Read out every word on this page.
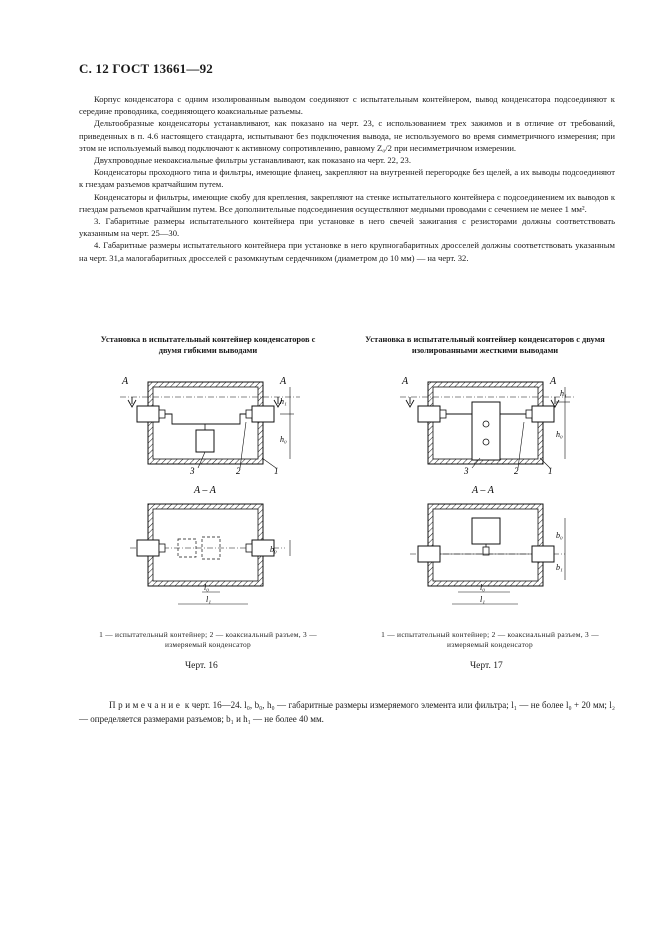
С. 12 ГОСТ 13661—92

Корпус конденсатора с одним изолированным выводом соединяют с испытательным контейнером, вывод конденсатора подсоединяют к середине проводника, соединяющего коаксиальные разъемы.

Дельтообразные конденсаторы устанавливают, как показано на черт. 23, с использованием трех зажимов и в отличие от требований, приведенных в п. 4.6 настоящего стандарта, испытывают без подключения вывода, не используемого во время симметричного измерения; при этом не используемый вывод подключают к активному сопротивлению, равному Z₀/2 при несимметричном измерении.

Двухпроводные некоаксиальные фильтры устанавливают, как показано на черт. 22, 23.

Конденсаторы проходного типа и фильтры, имеющие фланец, закрепляют на внутренней перегородке без щелей, а их выводы подсоединяют к гнездам разъемов кратчайшим путем.

Конденсаторы и фильтры, имеющие скобу для крепления, закрепляют на стенке испытательного контейнера с подсоединением их выводов к гнездам разъемов кратчайшим путем. Все дополнительные подсоединения осуществляют медными проводами с сечением не менее 1 мм².

3. Габаритные размеры испытательного контейнера при установке в него свечей зажигания с резисторами должны соответствовать указанным на черт. 25—30.

4. Габаритные размеры испытательного контейнера при установке в него крупногабаритных дросселей должны соответствовать указанным на черт. 31,а малогабаритных дросселей с разомкнутым сердечником (диаметром до 10 мм) — на черт. 32.

Установка в испытательный контейнер конденсаторов с двумя гибкими выводами
A	A
h₁
h₀
3	2	1
A – A
b₀
l₀
l₁
1 — испытательный контейнер; 2 — коаксиальный разъем, 3 — измеряемый конденсатор
Черт. 16
Установка в испытательный контейнер конденсаторов с двумя изолированными жесткими выводами
A	A
h₁
h₀
3	2	1
A – A
b₀
b₁
l₀
l₁
1 — испытательный контейнер; 2 — коаксиальный разъем, 3 — измеряемый конденсатор
Черт. 17
Примечание к черт. 16—24. l₀, b₀, h₀ — габаритные размеры измеряемого элемента или фильтра; l₁ — не более l₀ + 20 мм; l₂ — определяется размерами разъемов; b₁ и h₁ — не более 40 мм.
